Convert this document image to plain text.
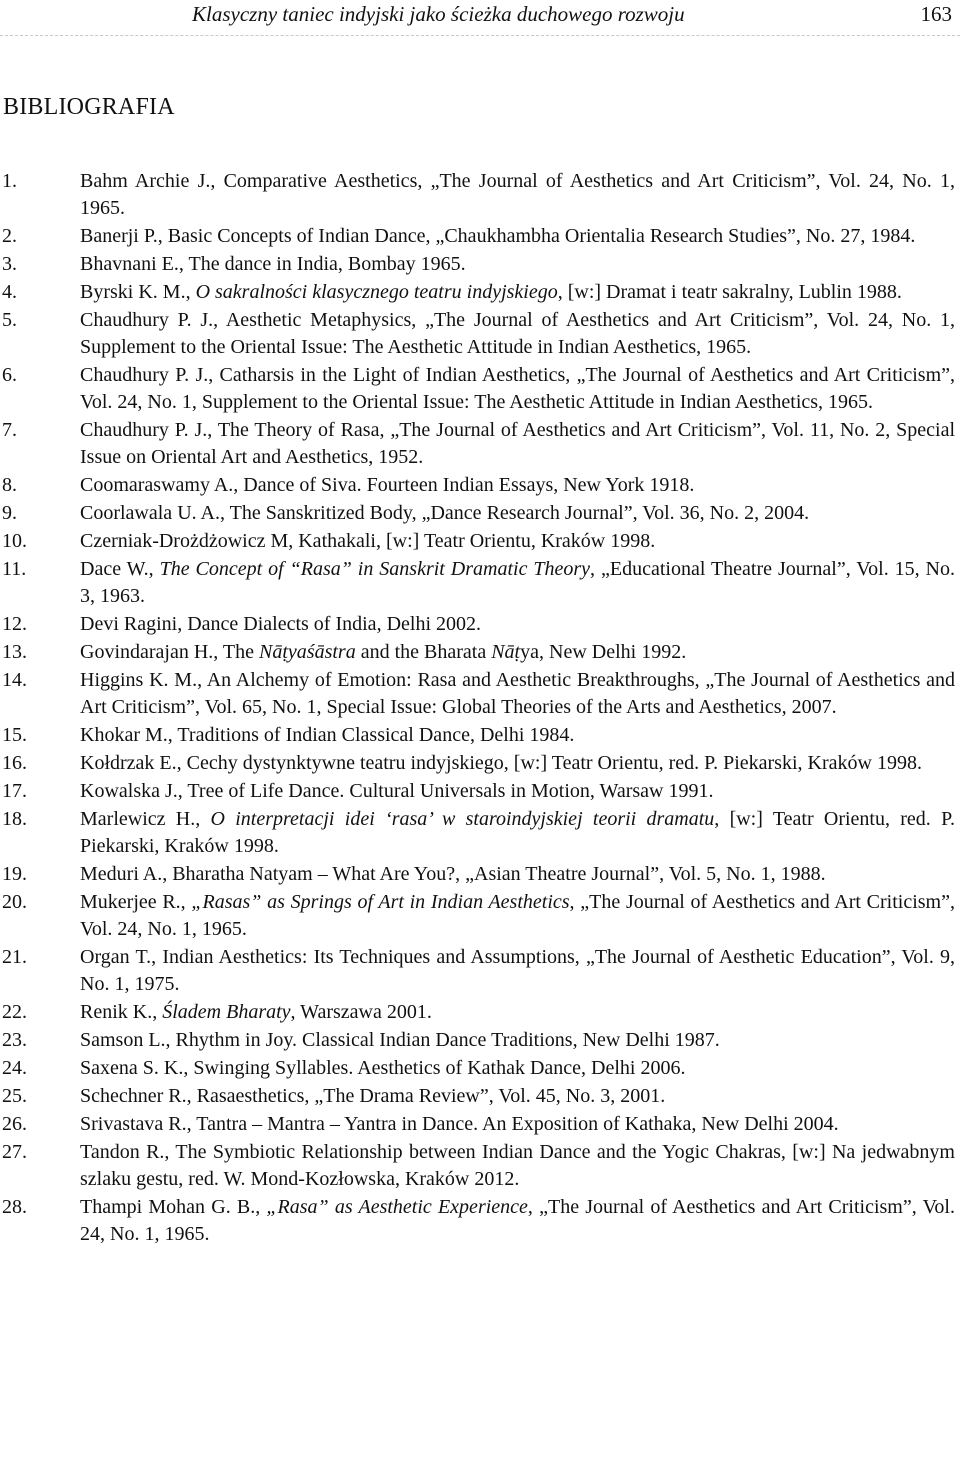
Klasyczny taniec indyjski jako ścieżka duchowego rozwoju	163
BIBLIOGRAFIA
1.	Bahm Archie J., Comparative Aesthetics, „The Journal of Aesthetics and Art Criticism”, Vol. 24, No. 1, 1965.
2.	Banerji P., Basic Concepts of Indian Dance, „Chaukhambha Orientalia Research Studies”, No. 27, 1984.
3.	Bhavnani E., The dance in India, Bombay 1965.
4.	Byrski K. M., O sakralności klasycznego teatru indyjskiego, [w:] Dramat i teatr sakralny, Lublin 1988.
5.	Chaudhury P. J., Aesthetic Metaphysics, „The Journal of Aesthetics and Art Criticism”, Vol. 24, No. 1, Supplement to the Oriental Issue: The Aesthetic Attitude in Indian Aesthetics, 1965.
6.	Chaudhury P. J., Catharsis in the Light of Indian Aesthetics, „The Journal of Aesthetics and Art Criticism”, Vol. 24, No. 1, Supplement to the Oriental Issue: The Aesthetic Attitude in Indian Aesthetics, 1965.
7.	Chaudhury P. J., The Theory of Rasa, „The Journal of Aesthetics and Art Criticism”, Vol. 11, No. 2, Special Issue on Oriental Art and Aesthetics, 1952.
8.	Coomaraswamy A., Dance of Siva. Fourteen Indian Essays, New York 1918.
9.	Coorlawala U. A., The Sanskritized Body, „Dance Research Journal”, Vol. 36, No. 2, 2004.
10.	Czerniak-Drożdżowicz M, Kathakali, [w:] Teatr Orientu, Kraków 1998.
11.	Dace W., The Concept of “Rasa” in Sanskrit Dramatic Theory, „Educational Theatre Journal”, Vol. 15, No. 3, 1963.
12.	Devi Ragini, Dance Dialects of India, Delhi 2002.
13.	Govindarajan H., The Nāṭyaśāstra and the Bharata Nāṭya, New Delhi 1992.
14.	Higgins K. M., An Alchemy of Emotion: Rasa and Aesthetic Breakthroughs, „The Journal of Aesthetics and Art Criticism”, Vol. 65, No. 1, Special Issue: Global Theories of the Arts and Aesthetics, 2007.
15.	Khokar M., Traditions of Indian Classical Dance, Delhi 1984.
16.	Kołdrzak E., Cechy dystynktywne teatru indyjskiego, [w:] Teatr Orientu, red. P. Piekarski, Kraków 1998.
17.	Kowalska J., Tree of Life Dance. Cultural Universals in Motion, Warsaw 1991.
18.	Marlewicz H., O interpretacji idei ‘rasa’ w staroindyjskiej teorii dramatu, [w:] Teatr Orientu, red. P. Piekarski, Kraków 1998.
19.	Meduri A., Bharatha Natyam – What Are You?, „Asian Theatre Journal”, Vol. 5, No. 1, 1988.
20.	Mukerjee R., „Rasas” as Springs of Art in Indian Aesthetics, „The Journal of Aesthetics and Art Criticism”, Vol. 24, No. 1, 1965.
21.	Organ T., Indian Aesthetics: Its Techniques and Assumptions, „The Journal of Aesthetic Education”, Vol. 9, No. 1, 1975.
22.	Renik K., Śladem Bharaty, Warszawa 2001.
23.	Samson L., Rhythm in Joy. Classical Indian Dance Traditions, New Delhi 1987.
24.	Saxena S. K., Swinging Syllables. Aesthetics of Kathak Dance, Delhi 2006.
25.	Schechner R., Rasaesthetics, „The Drama Review”, Vol. 45, No. 3, 2001.
26.	Srivastava R., Tantra – Mantra – Yantra in Dance. An Exposition of Kathaka, New Delhi 2004.
27.	Tandon R., The Symbiotic Relationship between Indian Dance and the Yogic Chakras, [w:] Na jedwabnym szlaku gestu, red. W. Mond-Kozłowska, Kraków 2012.
28.	Thampi Mohan G. B., „Rasa” as Aesthetic Experience, „The Journal of Aesthetics and Art Criticism”, Vol. 24, No. 1, 1965.
